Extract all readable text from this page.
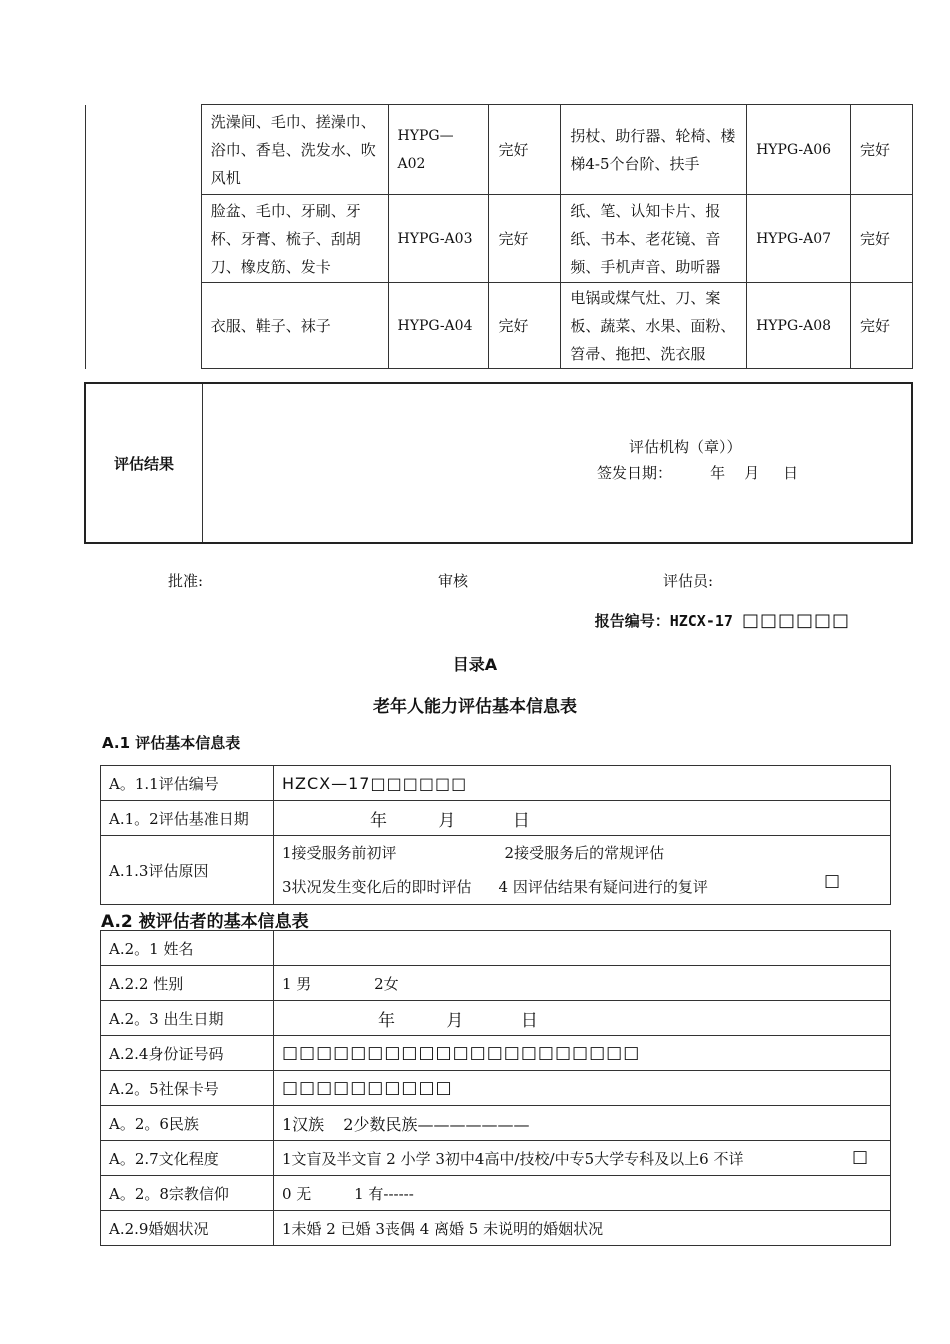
	洗澡间、毛巾、搓澡巾、浴巾、香皂、洗发水、吹风机	HYPG—A02	完好	拐杖、助行器、轮椅、楼梯4-5个台阶、扶手	HYPG-A06	完好
	脸盆、毛巾、牙刷、牙杯、牙膏、梳子、刮胡刀、橡皮筋、发卡	HYPG-A03	完好	纸、笔、认知卡片、报纸、书本、老花镜、音频、手机声音、助听器	HYPG-A07	完好
	衣服、鞋子、袜子	HYPG-A04	完好	电锅或煤气灶、刀、案板、蔬菜、水果、面粉、笤帚、拖把、洗衣服	HYPG-A08	完好
评估结果
评估机构（章））
签发日期：	年    月     日
批准:	审核	评估员:
报告编号：HZCX-17 □□□□□□
目录A
老年人能力评估基本信息表
A.1 评估基本信息表
A。1.1评估编号	HZCX—17□□□□□□
A.1。2评估基准日期	年 月 日
A.1.3评估原因	1接受服务前初评 2接受服务后的常规评估
3状况发生变化后的即时评估 4 因评估结果有疑问进行的复评 □
A.2 被评估者的基本信息表
A.2。1 姓名	
A.2.2 性别	1 男 2女
A.2。3 出生日期	年 月 日
A.2.4身份证号码	□□□□□□□□□□□□□□□□□□□□□
A.2。5社保卡号	□□□□□□□□□□
A。2。6民族	1汉族 2少数民族———————
A。2.7文化程度	1文盲及半文盲 2 小学 3初中4高中/技校/中专5大学专科及以上6 不详 □

A。2。8宗教信仰	0 无 1 有------
A.2.9婚姻状况	1未婚 2 已婚 3丧偶 4 离婚 5 未说明的婚姻状况
